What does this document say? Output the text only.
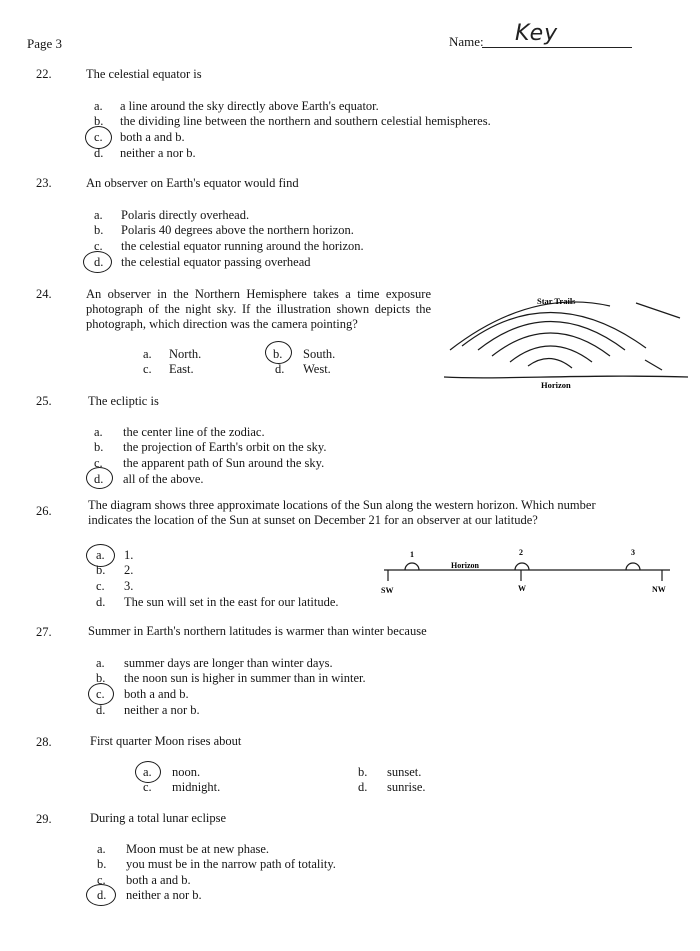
Page 3	Name: Key
22.	The celestial equator is
a. a line around the sky directly above Earth's equator.
b. the dividing line between the northern and southern celestial hemispheres.
c. both a and b.
d. neither a nor b.
23.	An observer on Earth's equator would find
a. Polaris directly overhead.
b. Polaris 40 degrees above the northern horizon.
c. the celestial equator running around the horizon.
d. the celestial equator passing overhead
24.	An observer in the Northern Hemisphere takes a time exposure photograph of the night sky. If the illustration shown depicts the photograph, which direction was the camera pointing?
a. North.	b. South.
c. East.	d. West.
Star Trails
Horizon
25.	The ecliptic is
a. the center line of the zodiac.
b. the projection of Earth's orbit on the sky.
c. the apparent path of Sun around the sky.
d. all of the above.
26.	The diagram shows three approximate locations of the Sun along the western horizon. Which number indicates the location of the Sun at sunset on December 21 for an observer at our latitude?
a. 1.
b. 2.
c. 3.
d. The sun will set in the east for our latitude.
1	2	3
Horizon
SW	W	NW
27.	Summer in Earth's northern latitudes is warmer than winter because
a. summer days are longer than winter days.
b. the noon sun is higher in summer than in winter.
c. both a and b.
d. neither a nor b.
28.	First quarter Moon rises about
a. noon.	b. sunset.
c. midnight.	d. sunrise.
29.	During a total lunar eclipse
a. Moon must be at new phase.
b. you must be in the narrow path of totality.
c. both a and b.
d. neither a nor b.
